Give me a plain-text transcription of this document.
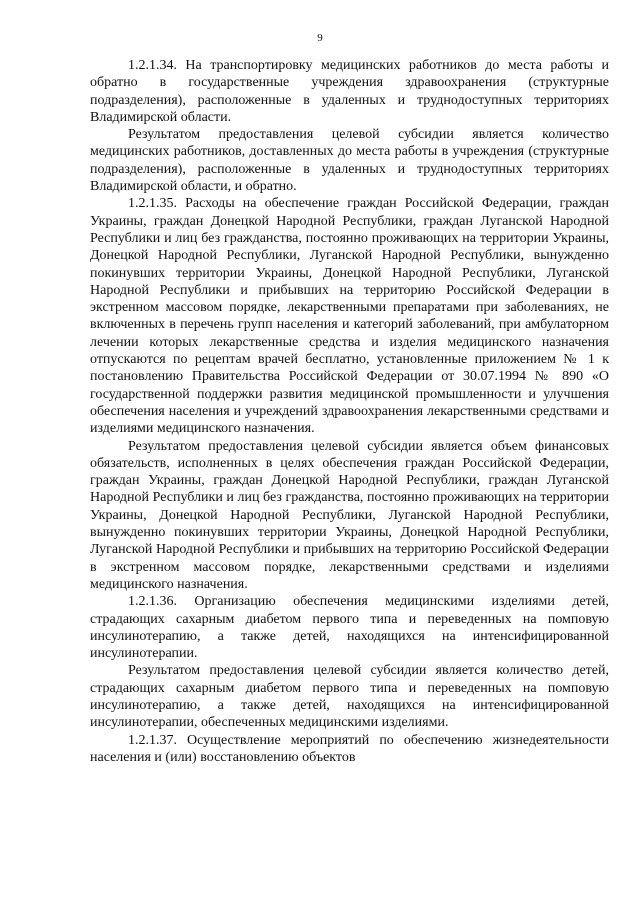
9

1.2.1.34. На транспортировку медицинских работников до места работы и обратно в государственные учреждения здравоохранения (структурные подразделения), расположенные в удаленных и труднодоступных территориях Владимирской области.

Результатом предоставления целевой субсидии является количество медицинских работников, доставленных до места работы в учреждения (структурные подразделения), расположенные в удаленных и труднодоступных территориях Владимирской области, и обратно.

1.2.1.35. Расходы на обеспечение граждан Российской Федерации, граждан Украины, граждан Донецкой Народной Республики, граждан Луганской Народной Республики и лиц без гражданства, постоянно проживающих на территории Украины, Донецкой Народной Республики, Луганской Народной Республики, вынужденно покинувших территории Украины, Донецкой Народной Республики, Луганской Народной Республики и прибывших на территорию Российской Федерации в экстренном массовом порядке, лекарственными препаратами при заболеваниях, не включенных в перечень групп населения и категорий заболеваний, при амбулаторном лечении которых лекарственные средства и изделия медицинского назначения отпускаются по рецептам врачей бесплатно, установленные приложением № 1 к постановлению Правительства Российской Федерации от 30.07.1994 № 890 «О государственной поддержки развития медицинской промышленности и улучшения обеспечения населения и учреждений здравоохранения лекарственными средствами и изделиями медицинского назначения.

Результатом предоставления целевой субсидии является объем финансовых обязательств, исполненных в целях обеспечения граждан Российской Федерации, граждан Украины, граждан Донецкой Народной Республики, граждан Луганской Народной Республики и лиц без гражданства, постоянно проживающих на территории Украины, Донецкой Народной Республики, Луганской Народной Республики, вынужденно покинувших территории Украины, Донецкой Народной Республики, Луганской Народной Республики и прибывших на территорию Российской Федерации в экстренном массовом порядке, лекарственными средствами и изделиями медицинского назначения.

1.2.1.36. Организацию обеспечения медицинскими изделиями детей, страдающих сахарным диабетом первого типа и переведенных на помповую инсулинотерапию, а также детей, находящихся на интенсифицированной инсулинотерапии.

Результатом предоставления целевой субсидии является количество детей, страдающих сахарным диабетом первого типа и переведенных на помповую инсулинотерапию, а также детей, находящихся на интенсифицированной инсулинотерапии, обеспеченных медицинскими изделиями.

1.2.1.37. Осуществление мероприятий по обеспечению жизнедеятельности населения и (или) восстановлению объектов
